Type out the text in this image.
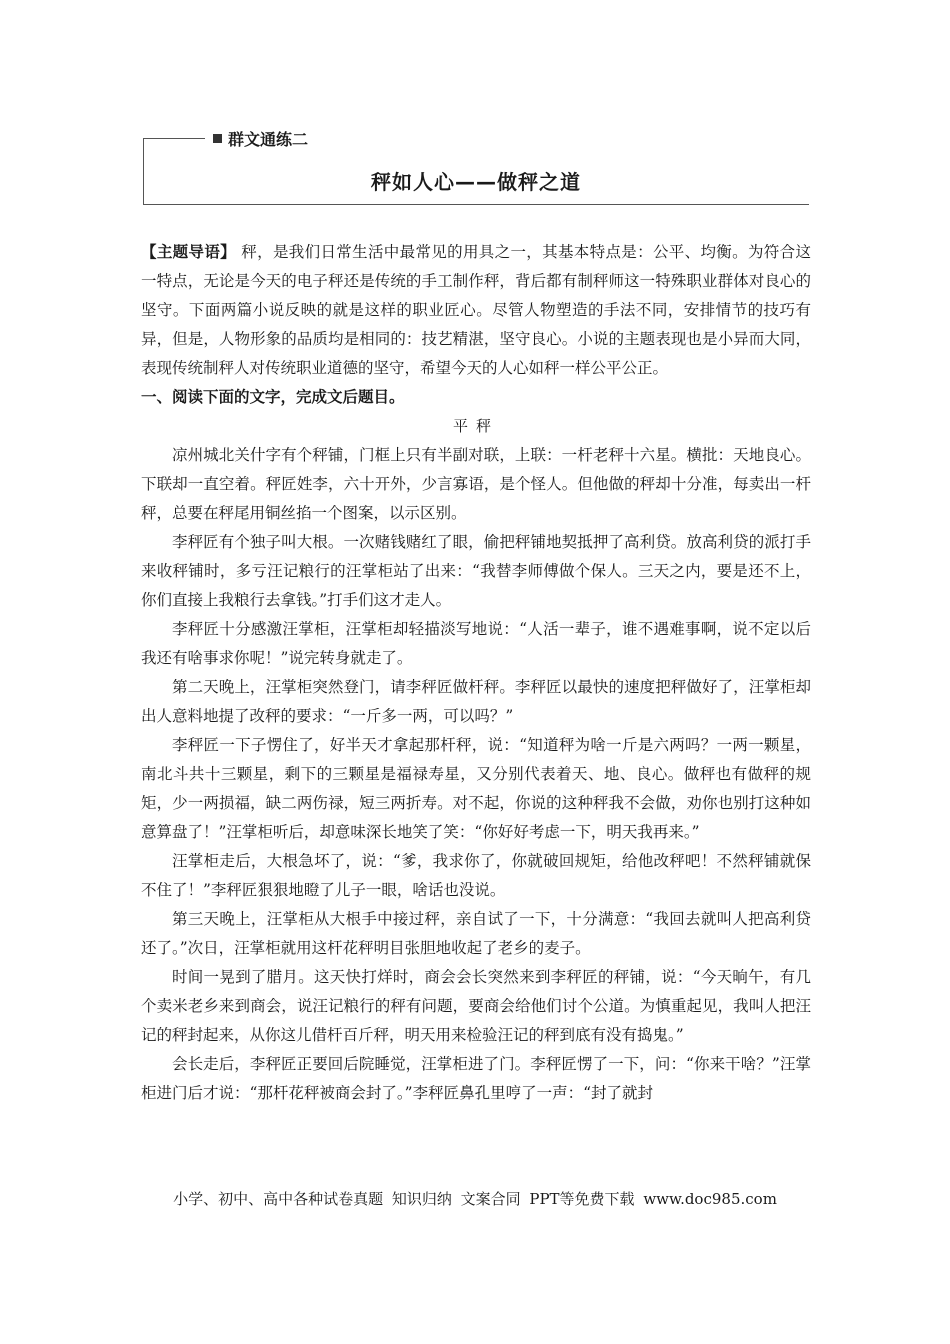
群文通练二
秤如人心——做秤之道

【主题导语】 秤，是我们日常生活中最常见的用具之一，其基本特点是：公平、均衡。为符合这一特点，无论是今天的电子秤还是传统的手工制作秤，背后都有制秤师这一特殊职业群体对良心的坚守。下面两篇小说反映的就是这样的职业匠心。尽管人物塑造的手法不同，安排情节的技巧有异，但是，人物形象的品质均是相同的：技艺精湛，坚守良心。小说的主题表现也是小异而大同，表现传统制秤人对传统职业道德的坚守，希望今天的人心如秤一样公平公正。

一、阅读下面的文字，完成文后题目。

平秤

凉州城北关什字有个秤铺，门框上只有半副对联，上联：一杆老秤十六星。横批：天地良心。下联却一直空着。秤匠姓李，六十开外，少言寡语，是个怪人。但他做的秤却十分准，每卖出一杆秤，总要在秤尾用铜丝掐一个图案，以示区别。

李秤匠有个独子叫大根。一次赌钱赌红了眼，偷把秤铺地契抵押了高利贷。放高利贷的派打手来收秤铺时，多亏汪记粮行的汪掌柜站了出来：“我替李师傅做个保人。三天之内，要是还不上，你们直接上我粮行去拿钱。”打手们这才走人。

李秤匠十分感激汪掌柜，汪掌柜却轻描淡写地说：“人活一辈子，谁不遇难事啊，说不定以后我还有啥事求你呢！”说完转身就走了。

第二天晚上，汪掌柜突然登门，请李秤匠做杆秤。李秤匠以最快的速度把秤做好了，汪掌柜却出人意料地提了改秤的要求：“一斤多一两，可以吗？”

李秤匠一下子愣住了，好半天才拿起那杆秤，说：“知道秤为啥一斤是六两吗？一两一颗星，南北斗共十三颗星，剩下的三颗星是福禄寿星，又分别代表着天、地、良心。做秤也有做秤的规矩，少一两损福，缺二两伤禄，短三两折寿。对不起，你说的这种秤我不会做，劝你也别打这种如意算盘了！”汪掌柜听后，却意味深长地笑了笑：“你好好考虑一下，明天我再来。”

汪掌柜走后，大根急坏了，说：“爹，我求你了，你就破回规矩，给他改秤吧！不然秤铺就保不住了！”李秤匠狠狠地瞪了儿子一眼，啥话也没说。

第三天晚上，汪掌柜从大根手中接过秤，亲自试了一下，十分满意：“我回去就叫人把高利贷还了。”次日，汪掌柜就用这杆花秤明目张胆地收起了老乡的麦子。

时间一晃到了腊月。这天快打烊时，商会会长突然来到李秤匠的秤铺，说：“今天晌午，有几个卖米老乡来到商会，说汪记粮行的秤有问题，要商会给他们讨个公道。为慎重起见，我叫人把汪记的秤封起来，从你这儿借杆百斤秤，明天用来检验汪记的秤到底有没有捣鬼。”

会长走后，李秤匠正要回后院睡觉，汪掌柜进了门。李秤匠愣了一下，问：“你来干啥？”汪掌柜进门后才说：“那杆花秤被商会封了。”李秤匠鼻孔里哼了一声：“封了就封

小学、初中、高中各种试卷真题 知识归纳 文案合同 PPT等免费下载 www.doc985.com
